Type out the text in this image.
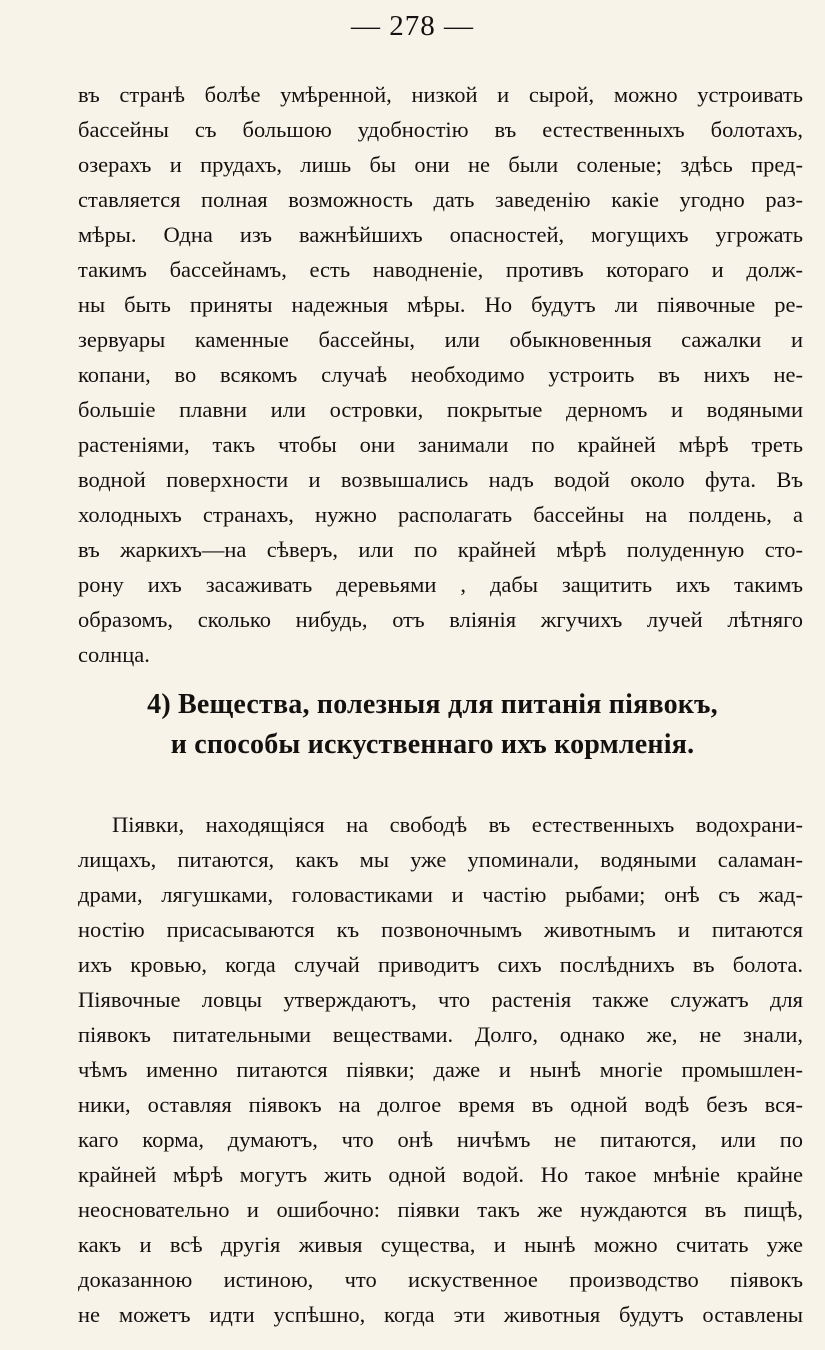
— 278 —
въ странѣ болѣе умѣренной, низкой и сырой, можно устроивать
бассейны съ большою удобностію въ естественныхъ болотахъ,
озерахъ и прудахъ, лишь бы они не были соленые; здѣсь пред-
ставляется полная возможность дать заведенію какіе угодно раз-
мѣры. Одна изъ важнѣйшихъ опасностей, могущихъ угрожать
такимъ бассейнамъ, есть наводненіе, противъ котораго и долж-
ны быть приняты надежныя мѣры. Но будутъ ли піявочные ре-
зервуары каменные бассейны, или обыкновенныя сажалки и
копани, во всякомъ случаѣ необходимо устроить въ нихъ не-
большіе плавни или островки, покрытые дерномъ и водяными
растеніями, такъ чтобы они занимали по крайней мѣрѣ треть
водной поверхности и возвышались надъ водой около фута. Въ
холодныхъ странахъ, нужно располагать бассейны на полдень, а
въ жаркихъ—на сѣверъ, или по крайней мѣрѣ полуденную сто-
рону ихъ засаживать деревьями , дабы защитить ихъ такимъ
образомъ, сколько нибудь, отъ вліянія жгучихъ лучей лѣтняго
солнца.
4) Вещества, полезныя для питанія піявокъ,
и способы искуственнаго ихъ кормленія.
Піявки, находящіяся на свободѣ въ естественныхъ водохрани-
лищахъ, питаются, какъ мы уже упоминали, водяными саламан-
драми, лягушками, головастиками и частію рыбами; онѣ съ жад-
ностію присасываются къ позвоночнымъ животнымъ и питаются
ихъ кровью, когда случай приводитъ сихъ послѣднихъ въ болота.
Піявочные ловцы утверждаютъ, что растенія также служатъ для
піявокъ питательными веществами. Долго, однако же, не знали,
чѣмъ именно питаются піявки; даже и нынѣ многіе промышлен-
ники, оставляя піявокъ на долгое время въ одной водѣ безъ вся-
каго корма, думаютъ, что онѣ ничѣмъ не питаются, или по
крайней мѣрѣ могутъ жить одной водой. Но такое мнѣніе крайне
неосновательно и ошибочно: піявки такъ же нуждаются въ пищѣ,
какъ и всѣ другія живыя существа, и нынѣ можно считать уже
доказанною истиною, что искуственное производство піявокъ
не можетъ идти успѣшно, когда эти животныя будутъ оставлены
